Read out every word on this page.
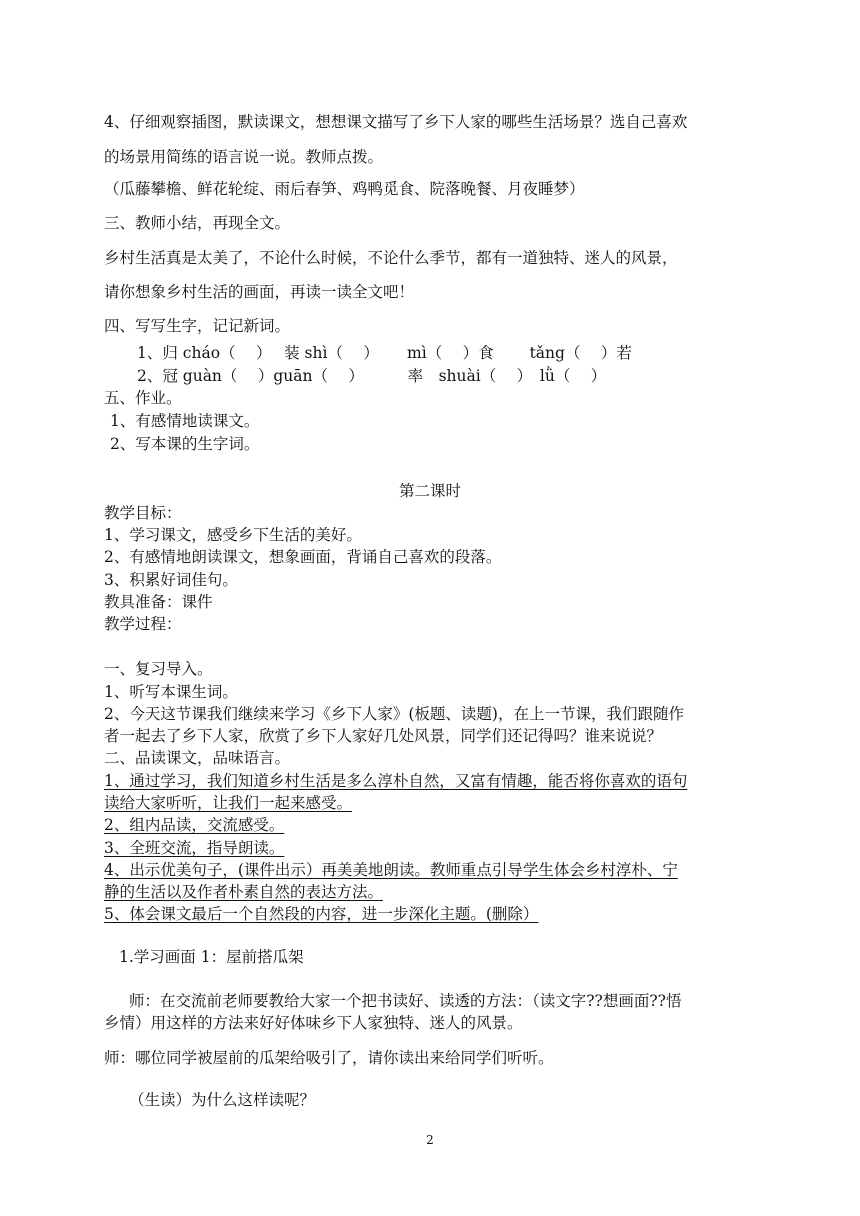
4、仔细观察插图，默读课文，想想课文描写了乡下人家的哪些生活场景？选自己喜欢

的场景用简练的语言说一说。教师点拨。

（瓜藤攀檐、鲜花轮绽、雨后春笋、鸡鸭觅食、院落晚餐、月夜睡梦）

三、教师小结，再现全文。

乡村生活真是太美了，不论什么时候，不论什么季节，都有一道独特、迷人的风景，

请你想象乡村生活的画面，再读一读全文吧！

四、写写生字，记记新词。

1、归 cháo（　 ）　 装 shì（　 ）　　 mì（　 ）食　　 tǎng（　 ）若

2、冠 guàn（　 ）guān（　 ）　　　 率　shuài（　 ）　lǜ（　 ）

五、作业。

1、有感情地读课文。

2、写本课的生字词。

第二课时

教学目标：

1、学习课文，感受乡下生活的美好。

2、有感情地朗读课文，想象画面，背诵自己喜欢的段落。

3、积累好词佳句。

教具准备：课件

教学过程：

一、复习导入。

1、听写本课生词。

2、今天这节课我们继续来学习《乡下人家》(板题、读题)，在上一节课，我们跟随作

者一起去了乡下人家，欣赏了乡下人家好几处风景，同学们还记得吗？谁来说说？

二、品读课文，品味语言。

1、通过学习，我们知道乡村生活是多么淳朴自然，又富有情趣，能否将你喜欢的语句

读给大家听听，让我们一起来感受。

2、组内品读，交流感受。

3、全班交流，指导朗读。

4、出示优美句子，(课件出示）再美美地朗读。教师重点引导学生体会乡村淳朴、宁

静的生活以及作者朴素自然的表达方法。

5、体会课文最后一个自然段的内容，进一步深化主题。(删除）

1.学习画面 1：屋前搭瓜架

师：在交流前老师要教给大家一个把书读好、读透的方法：（读文字??想画面??悟

乡情）用这样的方法来好好体味乡下人家独特、迷人的风景。

师：哪位同学被屋前的瓜架给吸引了，请你读出来给同学们听听。

（生读）为什么这样读呢？

2
